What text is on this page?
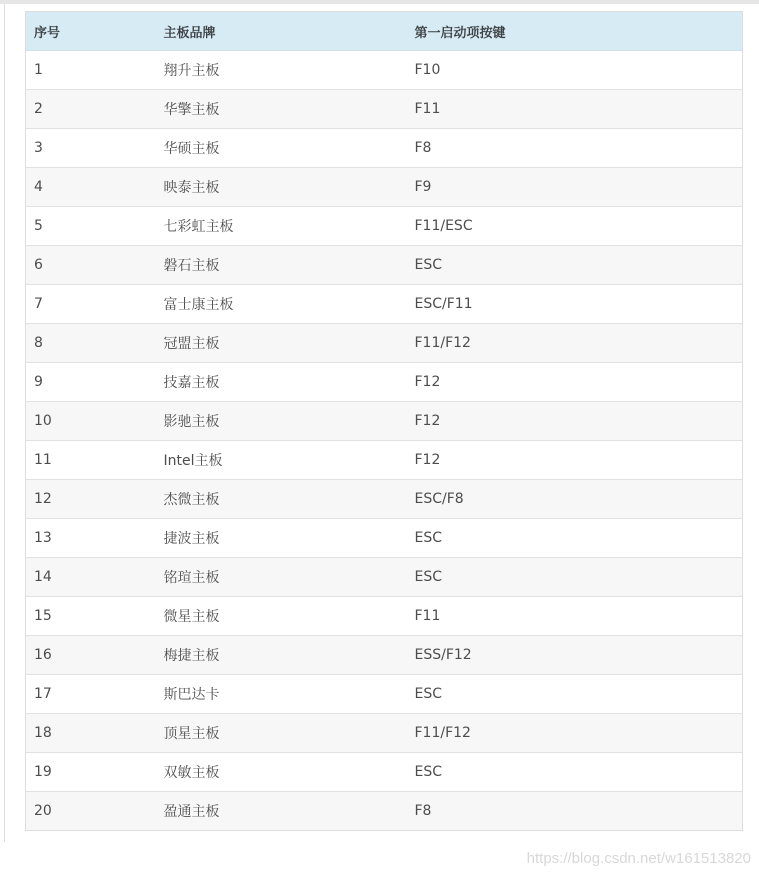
序号	主板品牌	第一启动项按键
1	翔升主板	F10
2	华擎主板	F11
3	华硕主板	F8
4	映泰主板	F9
5	七彩虹主板	F11/ESC
6	磐石主板	ESC
7	富士康主板	ESC/F11
8	冠盟主板	F11/F12
9	技嘉主板	F12
10	影驰主板	F12
11	Intel主板	F12
12	杰微主板	ESC/F8
13	捷波主板	ESC
14	铭瑄主板	ESC
15	微星主板	F11
16	梅捷主板	ESS/F12
17	斯巴达卡	ESC
18	顶星主板	F11/F12
19	双敏主板	ESC
20	盈通主板	F8
https://blog.csdn.net/w161513820
